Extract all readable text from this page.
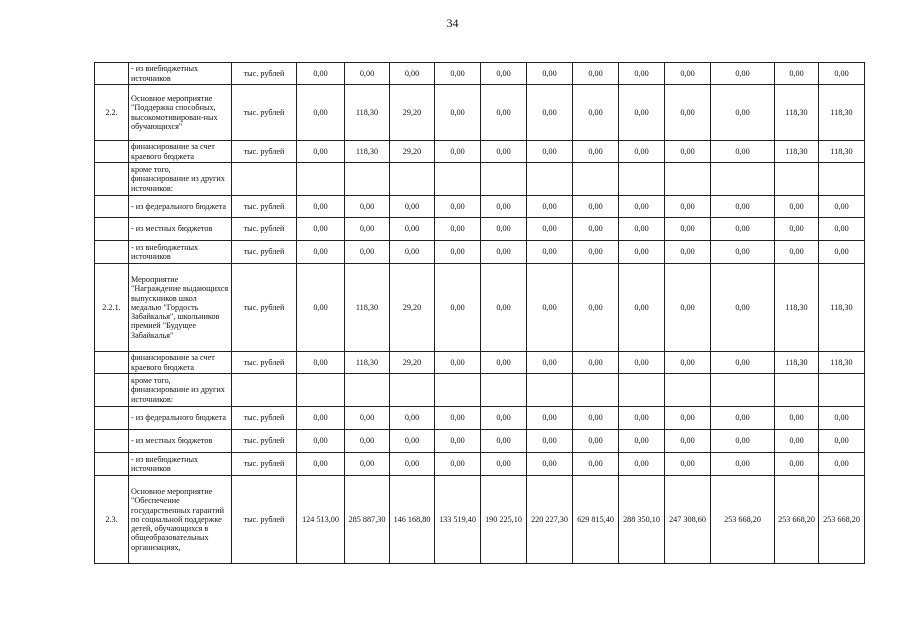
34
	- из внебюджетных источников	тыс. рублей	0,00	0,00	0,00	0,00	0,00	0,00	0,00	0,00	0,00	0,00	0,00	0,00
2.2.	Основное мероприятие "Поддержка способных, высокомотивирован-ных обучающихся"	тыс. рублей	0,00	118,30	29,20	0,00	0,00	0,00	0,00	0,00	0,00	0,00	118,30	118,30
	финансирование за счет краевого бюджета	тыс. рублей	0,00	118,30	29,20	0,00	0,00	0,00	0,00	0,00	0,00	0,00	118,30	118,30
	кроме того, финансирование из других источников:													
	- из федерального бюджета	тыс. рублей	0,00	0,00	0,00	0,00	0,00	0,00	0,00	0,00	0,00	0,00	0,00	0,00
	- из местных бюджетов	тыс. рублей	0,00	0,00	0,00	0,00	0,00	0,00	0,00	0,00	0,00	0,00	0,00	0,00
	- из внебюджетных источников	тыс. рублей	0,00	0,00	0,00	0,00	0,00	0,00	0,00	0,00	0,00	0,00	0,00	0,00
2.2.1.	Мероприятие "Награждение выдающихся выпускников школ медалью "Гордость Забайкалья", школьников премией "Будущее Забайкалья"	тыс. рублей	0,00	118,30	29,20	0,00	0,00	0,00	0,00	0,00	0,00	0,00	118,30	118,30
	финансирование за счет краевого бюджета	тыс. рублей	0,00	118,30	29,20	0,00	0,00	0,00	0,00	0,00	0,00	0,00	118,30	118,30
	кроме того, финансирование из других источников:													
	- из федерального бюджета	тыс. рублей	0,00	0,00	0,00	0,00	0,00	0,00	0,00	0,00	0,00	0,00	0,00	0,00
	- из местных бюджетов	тыс. рублей	0,00	0,00	0,00	0,00	0,00	0,00	0,00	0,00	0,00	0,00	0,00	0,00
	- из внебюджетных источников	тыс. рублей	0,00	0,00	0,00	0,00	0,00	0,00	0,00	0,00	0,00	0,00	0,00	0,00
2.3.	Основное мероприятие "Обеспечение государственных гарантий по социальной поддержке детей, обучающихся в общеобразовательных организациях,	тыс. рублей	124 513,00	285 887,30	146 168,80	133 519,40	190 225,10	220 227,30	629 815,40	288 350,10	247 308,60	253 668,20	253 668,20	253 668,20
